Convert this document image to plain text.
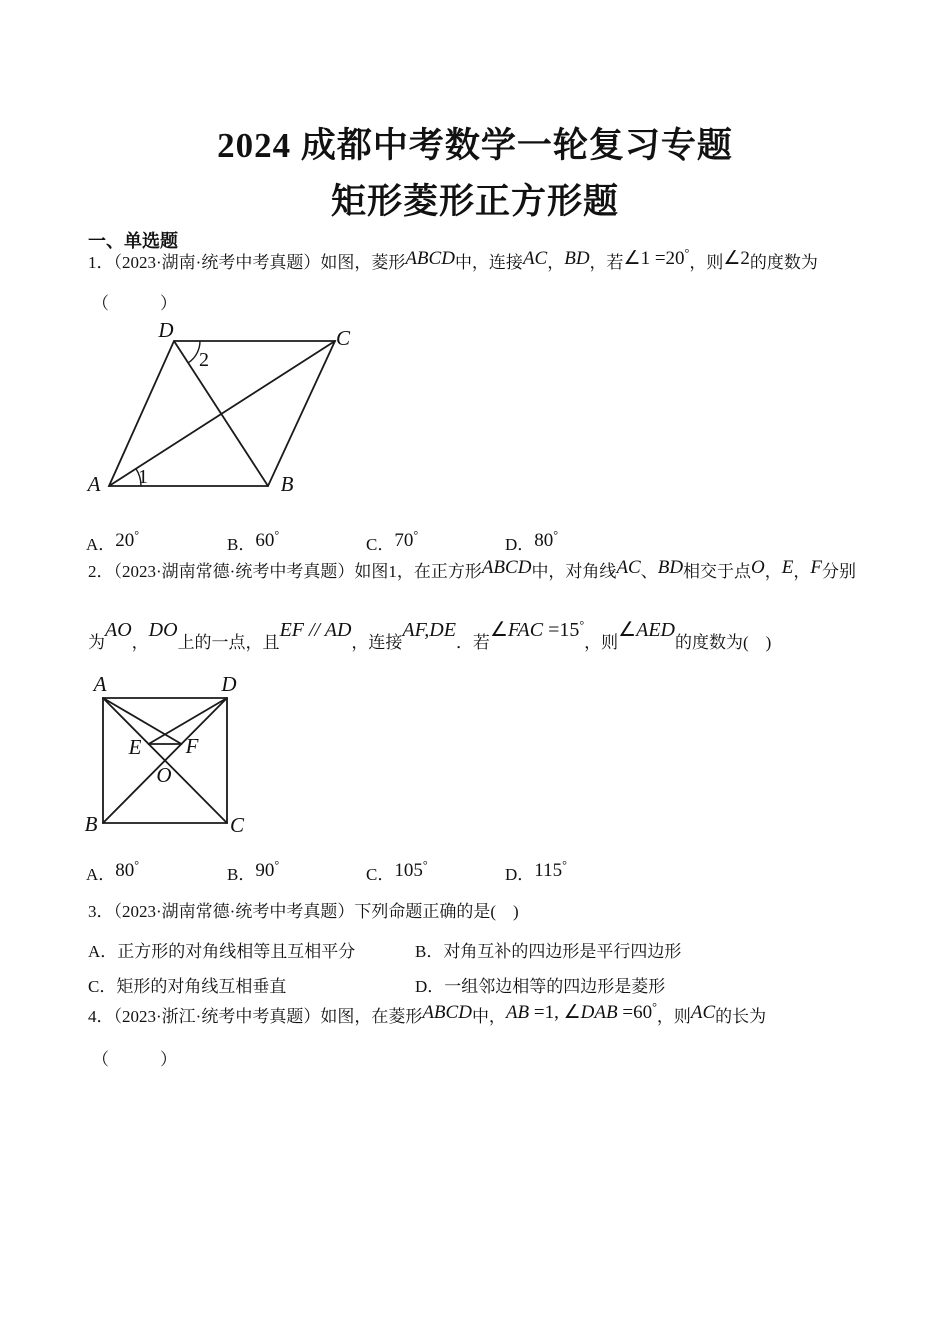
2024 成都中考数学一轮复习专题
矩形菱形正方形题
一、单选题
1．（2023·湖南·统考中考真题）如图，菱形ABCD中，连接AC，BD，若∠1 =20°，则∠2的度数为
（　　　）
D	C
A	B
2
1
A．20°	B．60°	C．70°	D．80°
2．（2023·湖南常德·统考中考真题）如图1，在正方形ABCD中，对角线AC、BD相交于点O，E，F分别
为AO，DO上的一点，且EF // AD，连接AF,DE．若∠FAC =15°，则∠AED的度数为(　)
A	D
B	C
E F
O
A．80°	B．90°	C．105°	D．115°
3．（2023·湖南常德·统考中考真题）下列命题正确的是(　)
A．正方形的对角线相等且互相平分	B．对角互补的四边形是平行四边形
C．矩形的对角线互相垂直	D．一组邻边相等的四边形是菱形
4．（2023·浙江·统考中考真题）如图，在菱形ABCD中，AB =1, ∠DAB =60°，则AC的长为
（　　　）
